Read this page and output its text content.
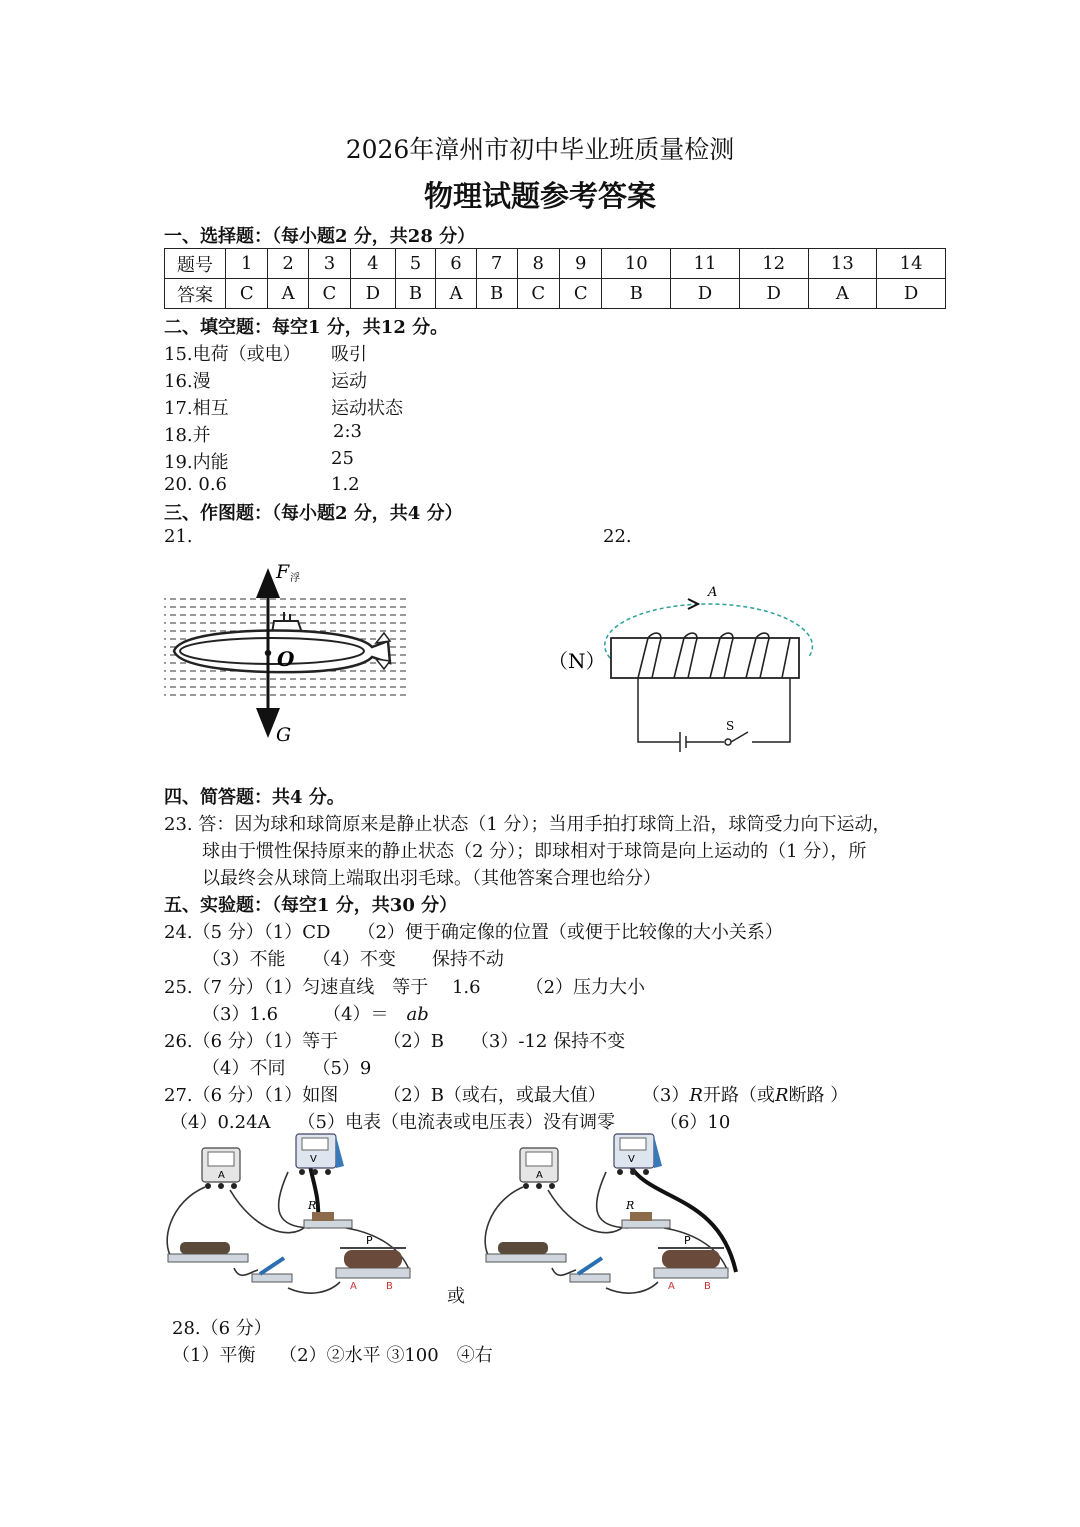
2026年漳州市初中毕业班质量检测
物理试题参考答案
一、选择题：（每小题2 分，共28 分）
题号	1	2	3	4	5	6	7	8	9	10	11	12	13	14
答案	C	A	C	D	B	A	B	C	C	B	D	D	A	D
二、填空题：每空1 分，共12 分。
15.电荷（或电） 吸引
16.漫	运动
17.相互	运动状态
18.并	2:3
19.内能	25
20. 0.6	1.2
三、作图题：（每小题2 分，共4 分）
21.	22.
F 浮
G
O
A
S
（N）
四、简答题：共4 分。
23. 答：因为球和球筒原来是静止状态（1 分）；当用手拍打球筒上沿，球筒受力向下运动，
球由于惯性保持原来的静止状态（2 分）；即球相对于球筒是向上运动的（1 分），所
以最终会从球筒上端取出羽毛球。（其他答案合理也给分）
五、实验题：（每空1 分，共30 分）
24.（5 分）（1）CD　　（2）便于确定像的位置（或便于比较像的大小关系）
（3）不能　　（4）不变　　保持不动
25.（7 分）（1）匀速直线　等于　 1.6　　　（2）压力大小
（3）1.6　　　（4）＝　ab
26.（6 分）（1）等于　　　（2）B　　（3）-12 保持不变
（4）不同　　（5）9
27.（6 分）（1）如图　　　（2）B（或右，或最大值）　　　（3）R开路（或R断路 ）
（4）0.24A　　（5）电表（电流表或电压表）没有调零　　　（6）10
A
V
R
P
A	B	或
A
V
R
P
A	B
28.（6 分）
（1）平衡　 （2）②水平 ③100　④右
